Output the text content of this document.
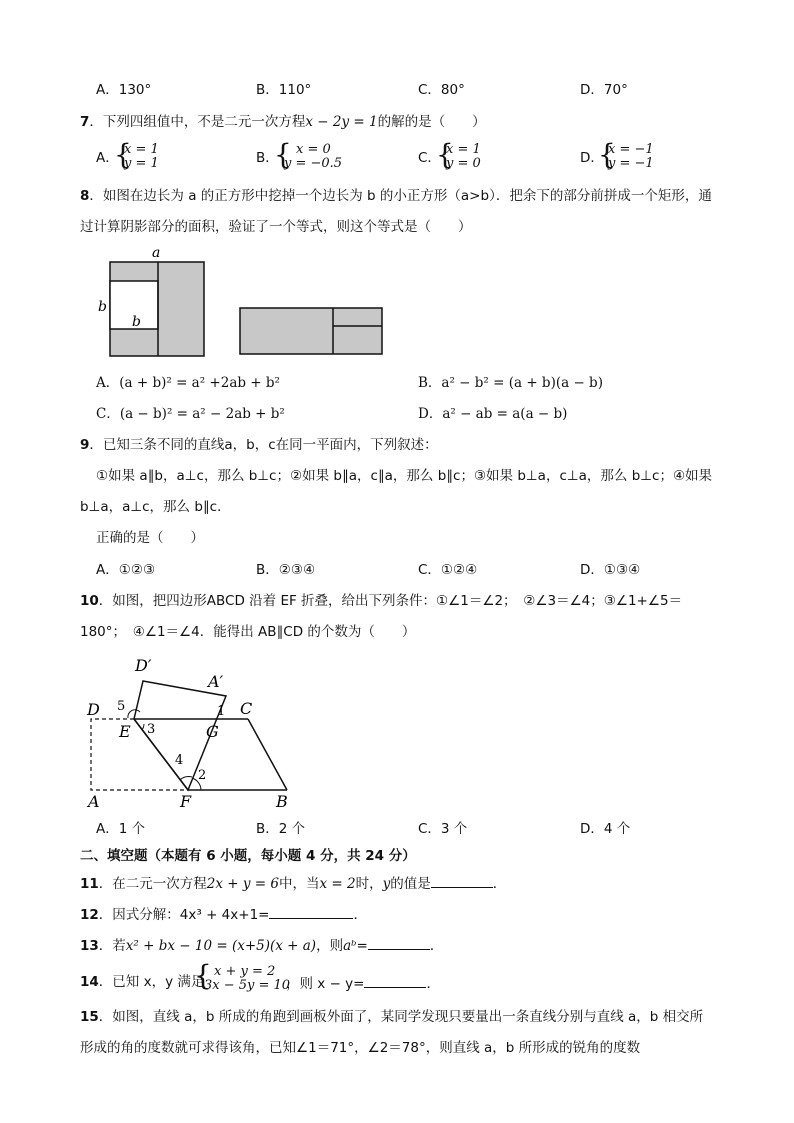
A．130°	B．110°	C．80°	D．70°
7．下列四组值中，不是二元一次方程x − 2y = 1的解的是（　　）
A．
{
x = 1
y = 1	B．
{ x = 0
y = −0.5	C．
{
x = 1
y = 0	D．
{
x = −1
y = −1
8．如图在边长为 a 的正方形中挖掉一个边长为 b 的小正方形（a>b）．把余下的部分前拼成一个矩形，通
过计算阴影部分的面积，验证了一个等式，则这个等式是（　　）
a
b
b
A．(a + b)² = a² +2ab + b²	B．a² − b² = (a + b)(a − b)
C．(a − b)² = a² − 2ab + b²	D．a² − ab = a(a − b)
9．已知三条不同的直线a，b，c在同一平面内，下列叙述：
①如果 a∥b，a⊥c，那么 b⊥c；②如果 b∥a，c∥a，那么 b∥c；③如果 b⊥a，c⊥a，那么 b⊥c；④如果
b⊥a，a⊥c，那么 b∥c．
正确的是（　　）
A．①②③	B．②③④	C．①②④	D．①③④
10．如图，把四边形ABCD 沿着 EF 折叠，给出下列条件：①∠1＝∠2；　②∠3＝∠4；③∠1+∠5＝
180°；　④∠1＝∠4．能得出 AB∥CD 的个数为（　　）
D′
A′
D	C
E	G
A	F	B
1
2
3
4
5
A．1 个	B．2 个	C．3 个	D．4 个
二、填空题（本题有 6 小题，每小题 4 分，共 24 分）
11．在二元一次方程2x + y = 6中，当x = 2时，y的值是	．
12．因式分解：4x³ + 4x+1=	．
13．若x² + bx − 10 = (x+5)(x + a)，则aᵇ=	．
14．已知 x，y 满足
{ x + y = 2
3x − 5y = 10
，则 x − y=	．
15．如图，直线 a，b 所成的角跑到画板外面了，某同学发现只要量出一条直线分别与直线 a，b 相交所
形成的角的度数就可求得该角，已知∠1＝71°，∠2＝78°，则直线 a，b 所形成的锐角的度数
